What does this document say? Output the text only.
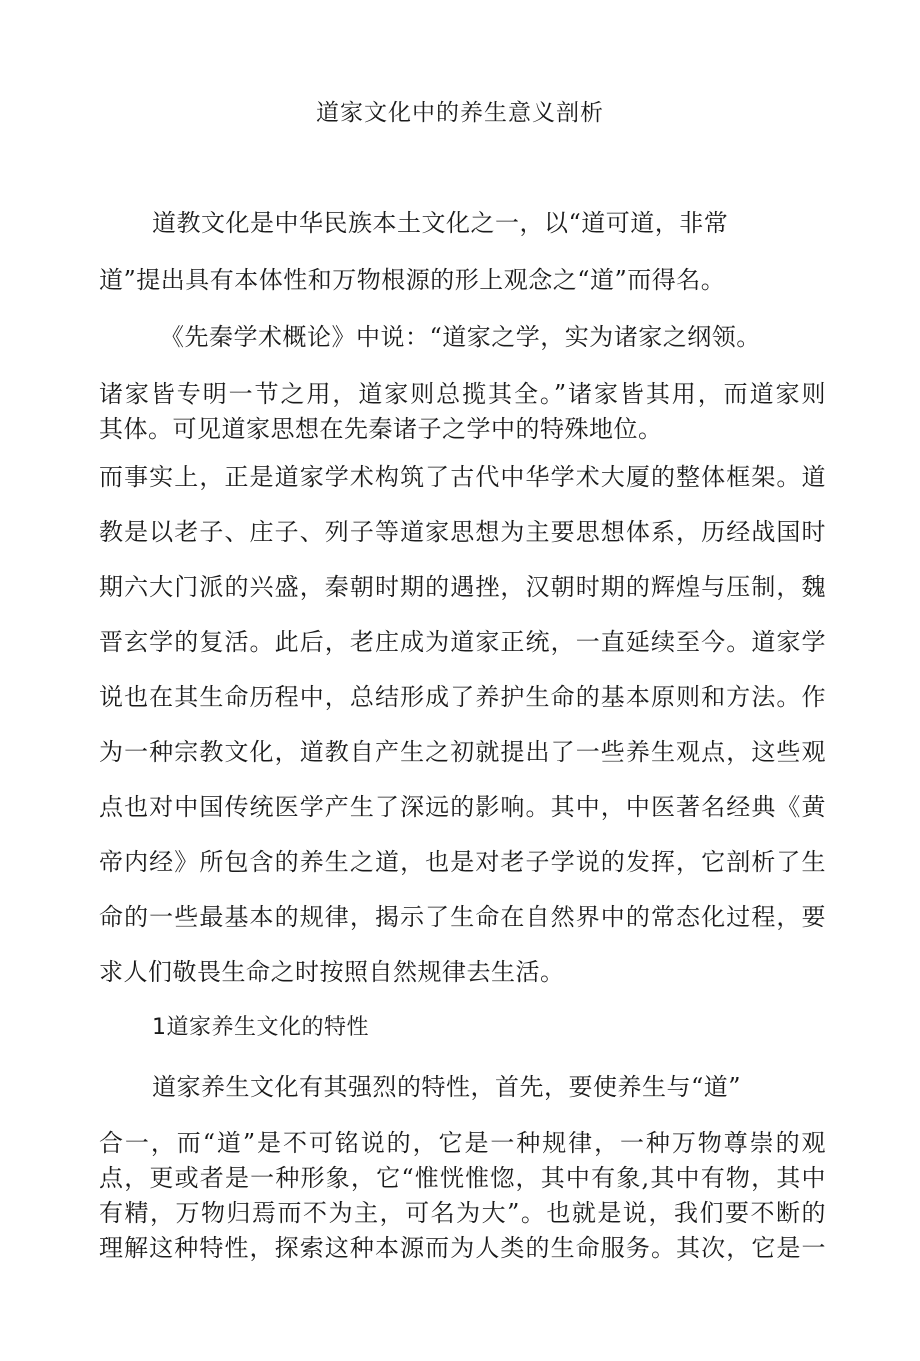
道家文化中的养生意义剖析
道教文化是中华民族本土文化之一，以“道可道，非常
道”提出具有本体性和万物根源的形上观念之“道”而得名。
《先秦学术概论》中说：“道家之学，实为诸家之纲领。
诸家皆专明一节之用，道家则总揽其全。”诸家皆其用，而道家则
其体。可见道家思想在先秦诸子之学中的特殊地位。
而事实上，正是道家学术构筑了古代中华学术大厦的整体框架。道
教是以老子、庄子、列子等道家思想为主要思想体系，历经战国时
期六大门派的兴盛，秦朝时期的遇挫，汉朝时期的辉煌与压制，魏
晋玄学的复活。此后，老庄成为道家正统，一直延续至今。道家学
说也在其生命历程中，总结形成了养护生命的基本原则和方法。作
为一种宗教文化，道教自产生之初就提出了一些养生观点，这些观
点也对中国传统医学产生了深远的影响。其中，中医著名经典《黄
帝内经》所包含的养生之道，也是对老子学说的发挥，它剖析了生
命的一些最基本的规律，揭示了生命在自然界中的常态化过程，要
求人们敬畏生命之时按照自然规律去生活。
1道家养生文化的特性
道家养生文化有其强烈的特性，首先，要使养生与“道”
合一，而“道”是不可铭说的，它是一种规律，一种万物尊崇的观
点，更或者是一种形象，它“惟恍惟惚，其中有象,其中有物，其中
有精，万物归焉而不为主，可名为大”。也就是说，我们要不断的
理解这种特性，探索这种本源而为人类的生命服务。其次，它是一
